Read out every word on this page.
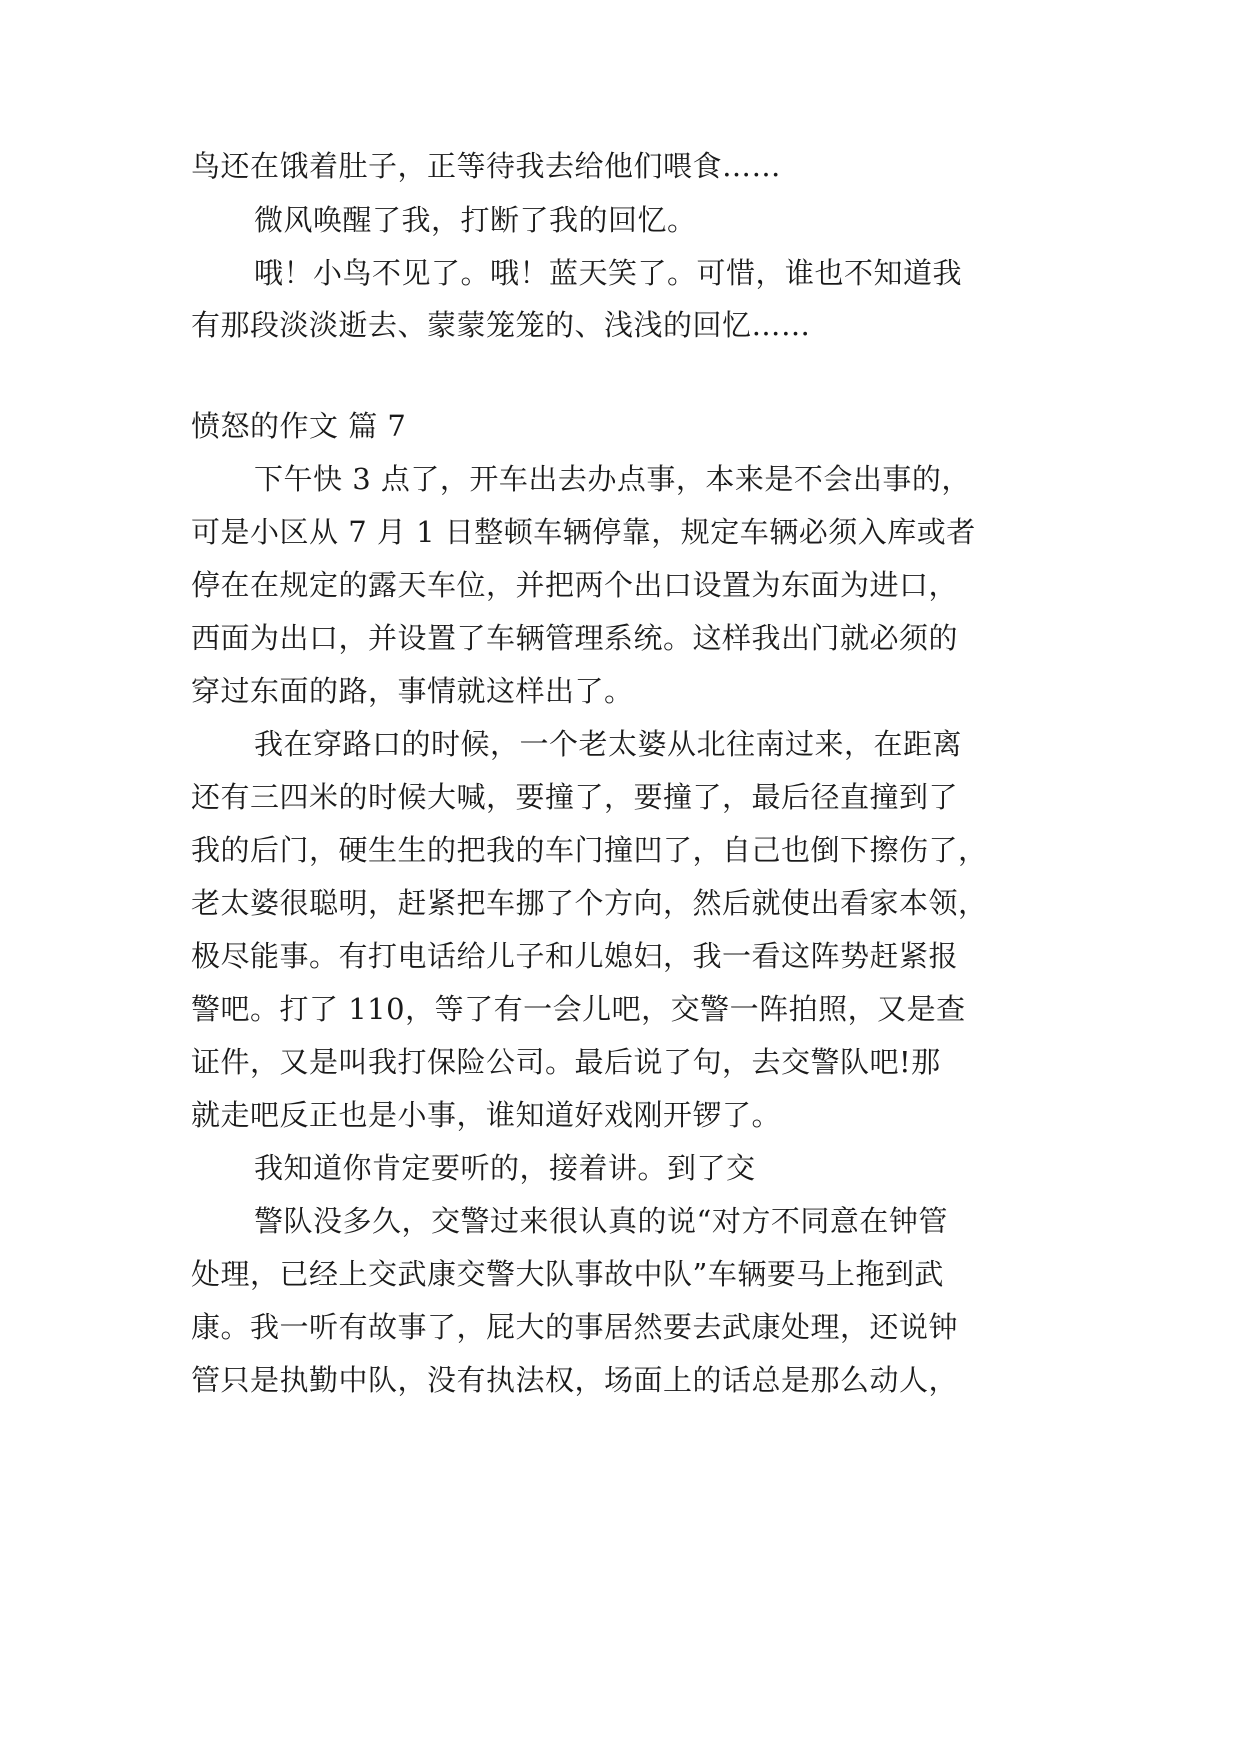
鸟还在饿着肚子，正等待我去给他们喂食……
微风唤醒了我，打断了我的回忆。
哦！小鸟不见了。哦！蓝天笑了。可惜，谁也不知道我
有那段淡淡逝去、蒙蒙笼笼的、浅浅的回忆……
愤怒的作文 篇 7
下午快 3 点了，开车出去办点事，本来是不会出事的，
可是小区从 7 月 1 日整顿车辆停靠，规定车辆必须入库或者
停在在规定的露天车位，并把两个出口设置为东面为进口，
西面为出口，并设置了车辆管理系统。这样我出门就必须的
穿过东面的路，事情就这样出了。
我在穿路口的时候，一个老太婆从北往南过来，在距离
还有三四米的时候大喊，要撞了，要撞了，最后径直撞到了
我的后门，硬生生的把我的车门撞凹了，自己也倒下擦伤了，
老太婆很聪明，赶紧把车挪了个方向，然后就使出看家本领，
极尽能事。有打电话给儿子和儿媳妇，我一看这阵势赶紧报
警吧。打了 110，等了有一会儿吧，交警一阵拍照，又是查
证件，又是叫我打保险公司。最后说了句，去交警队吧!那
就走吧反正也是小事，谁知道好戏刚开锣了。
我知道你肯定要听的，接着讲。到了交
警队没多久，交警过来很认真的说“对方不同意在钟管
处理，已经上交武康交警大队事故中队”车辆要马上拖到武
康。我一听有故事了，屁大的事居然要去武康处理，还说钟
管只是执勤中队，没有执法权，场面上的话总是那么动人，
